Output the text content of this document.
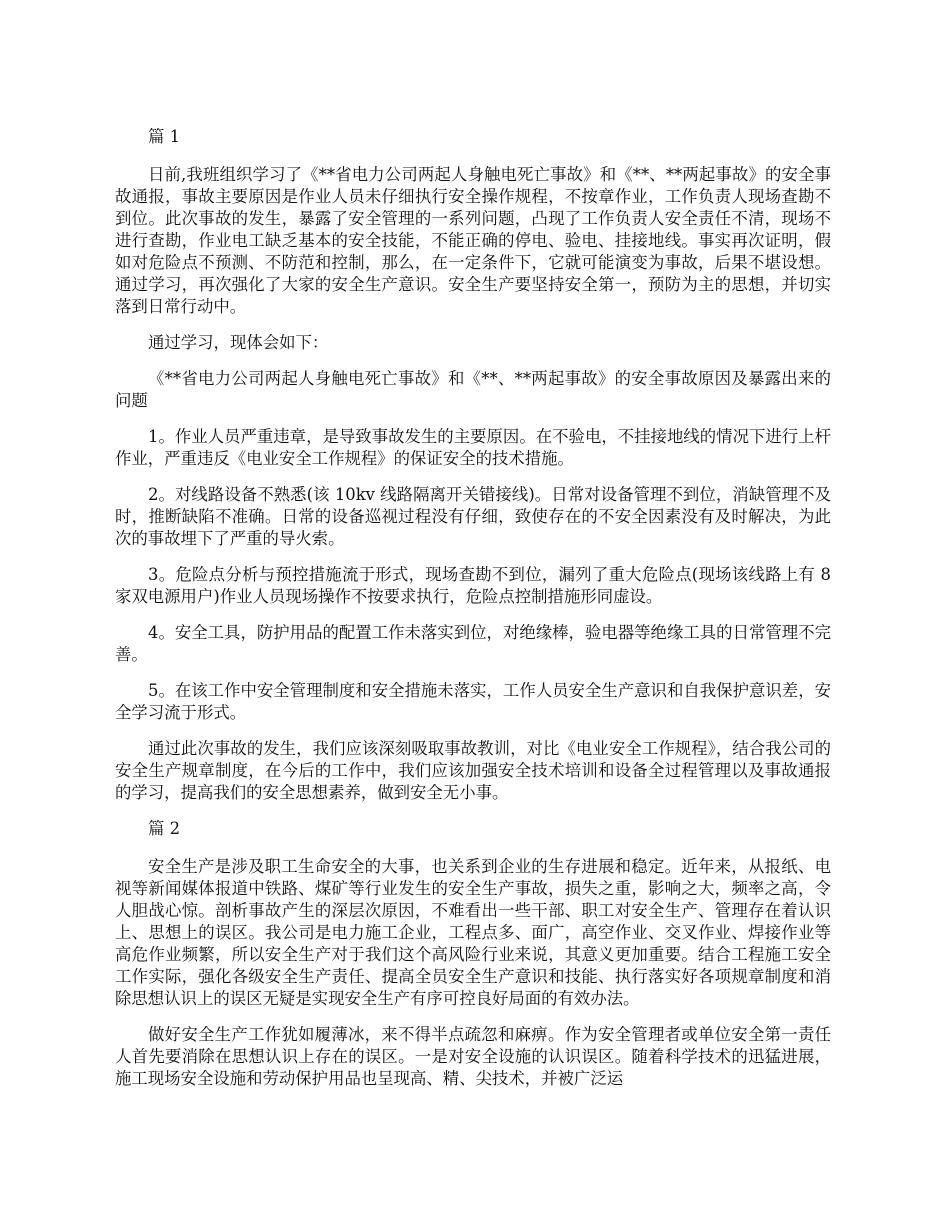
篇 1

日前,我班组织学习了《**省电力公司两起人身触电死亡事故》和《**、**两起事故》的安全事故通报，事故主要原因是作业人员未仔细执行安全操作规程，不按章作业，工作负责人现场查勘不到位。此次事故的发生，暴露了安全管理的一系列问题，凸现了工作负责人安全责任不清，现场不进行查勘，作业电工缺乏基本的安全技能，不能正确的停电、验电、挂接地线。事实再次证明，假如对危险点不预测、不防范和控制，那么，在一定条件下，它就可能演变为事故，后果不堪设想。通过学习，再次强化了大家的安全生产意识。安全生产要坚持安全第一，预防为主的思想，并切实落到日常行动中。

通过学习，现体会如下：

《**省电力公司两起人身触电死亡事故》和《**、**两起事故》的安全事故原因及暴露出来的问题

1。作业人员严重违章，是导致事故发生的主要原因。在不验电，不挂接地线的情况下进行上杆作业，严重违反《电业安全工作规程》的保证安全的技术措施。

2。对线路设备不熟悉(该 10kv 线路隔离开关错接线)。日常对设备管理不到位，消缺管理不及时，推断缺陷不准确。日常的设备巡视过程没有仔细，致使存在的不安全因素没有及时解决，为此次的事故埋下了严重的导火索。

3。危险点分析与预控措施流于形式，现场查勘不到位，漏列了重大危险点(现场该线路上有 8 家双电源用户)作业人员现场操作不按要求执行，危险点控制措施形同虚设。

4。安全工具，防护用品的配置工作未落实到位，对绝缘棒，验电器等绝缘工具的日常管理不完善。

5。在该工作中安全管理制度和安全措施未落实，工作人员安全生产意识和自我保护意识差，安全学习流于形式。

通过此次事故的发生，我们应该深刻吸取事故教训，对比《电业安全工作规程》，结合我公司的安全生产规章制度，在今后的工作中，我们应该加强安全技术培训和设备全过程管理以及事故通报的学习，提高我们的安全思想素养，做到安全无小事。

篇 2

安全生产是涉及职工生命安全的大事，也关系到企业的生存进展和稳定。近年来，从报纸、电视等新闻媒体报道中铁路、煤矿等行业发生的安全生产事故，损失之重，影响之大，频率之高，令人胆战心惊。剖析事故产生的深层次原因，不难看出一些干部、职工对安全生产、管理存在着认识上、思想上的误区。我公司是电力施工企业，工程点多、面广，高空作业、交叉作业、焊接作业等高危作业频繁，所以安全生产对于我们这个高风险行业来说，其意义更加重要。结合工程施工安全工作实际，强化各级安全生产责任、提高全员安全生产意识和技能、执行落实好各项规章制度和消除思想认识上的误区无疑是实现安全生产有序可控良好局面的有效办法。

做好安全生产工作犹如履薄冰，来不得半点疏忽和麻痹。作为安全管理者或单位安全第一责任人首先要消除在思想认识上存在的误区。一是对安全设施的认识误区。随着科学技术的迅猛进展，施工现场安全设施和劳动保护用品也呈现高、精、尖技术，并被广泛运
